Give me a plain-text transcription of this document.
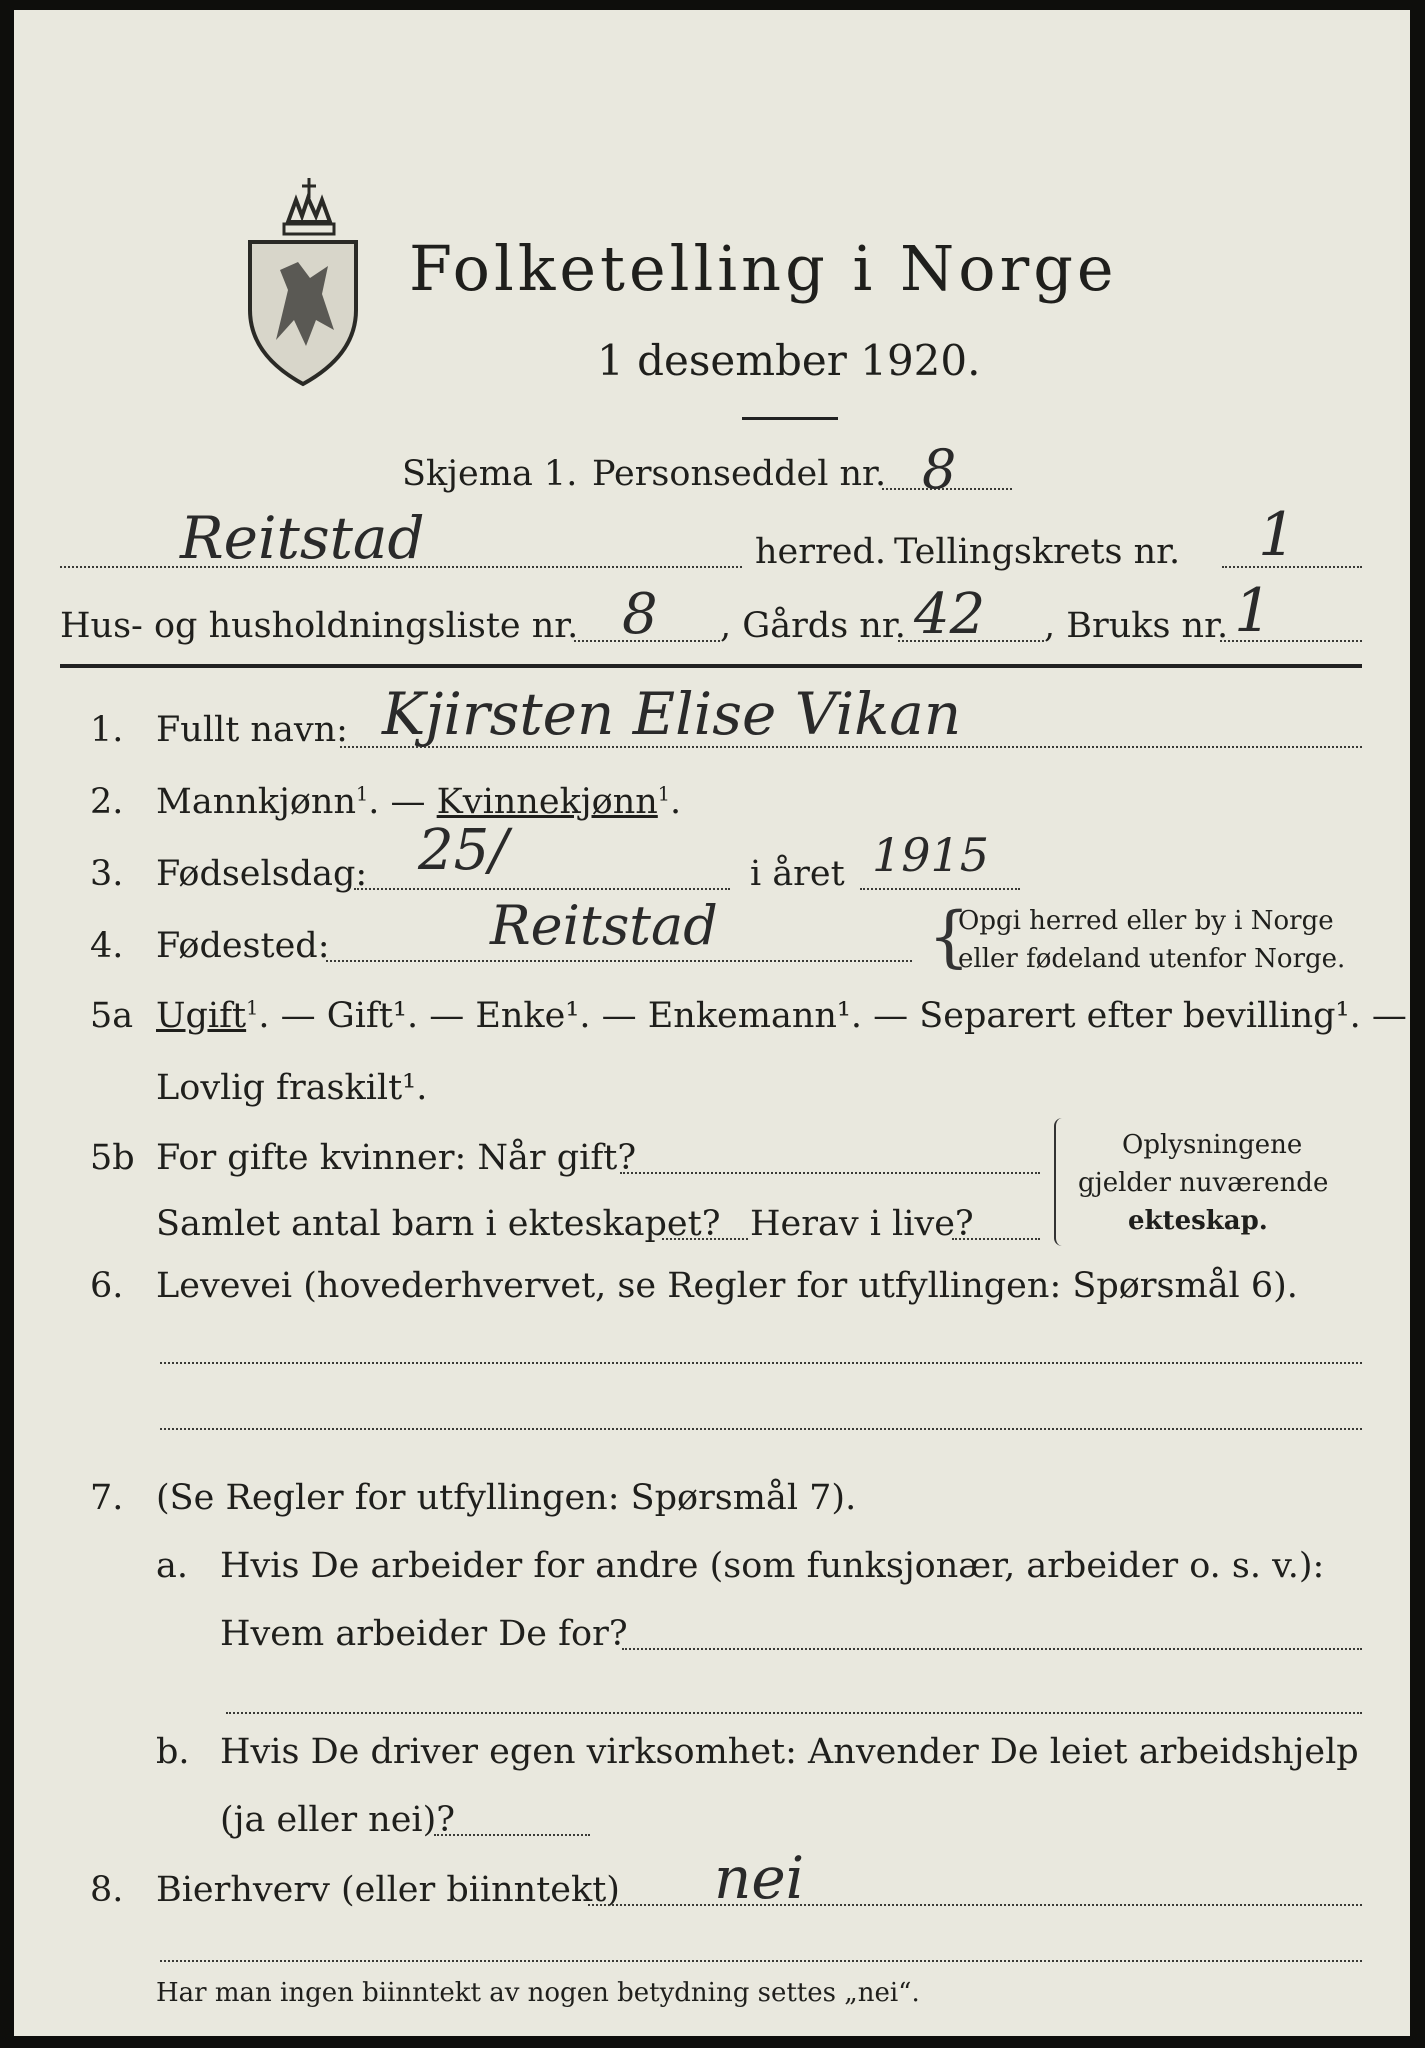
Folketelling i Norge
1 desember 1920.
Skjema 1. Personseddel nr. 8
Reitstad	herred. Tellingskrets nr. 1
Hus- og husholdningsliste nr. 8 , Gårds nr. 42 , Bruks nr. 1
1. Fullt navn: Kjirsten Elise Vikan
2. Mannkjønn$^1$. — Kvinnekjønn$^1$.
3. Fødselsdag: 25/	i året 1915
4. Fødested:	Reitstad	{
Opgi herred eller by i Norge
eller fødeland utenfor Norge.
5a Ugift$^1$. — Gift¹. — Enke¹. — Enkemann¹. — Separert efter bevilling¹. —
Lovlig fraskilt¹.
5b For gifte kvinner: Når gift?
Samlet antal barn i ekteskapet? Herav i live?
Oplysningene
gjelder nuværende
ekteskap.
6. Levevei (hovederhvervet, se Regler for utfyllingen: Spørsmål 6).
7. (Se Regler for utfyllingen: Spørsmål 7).
a. Hvis De arbeider for andre (som funksjonær, arbeider o. s. v.):
Hvem arbeider De for?
b. Hvis De driver egen virksomhet: Anvender De leiet arbeidshjelp
(ja eller nei)?
8. Bierhverv (eller biinntekt) nei
Har man ingen biinntekt av nogen betydning settes „nei“.
